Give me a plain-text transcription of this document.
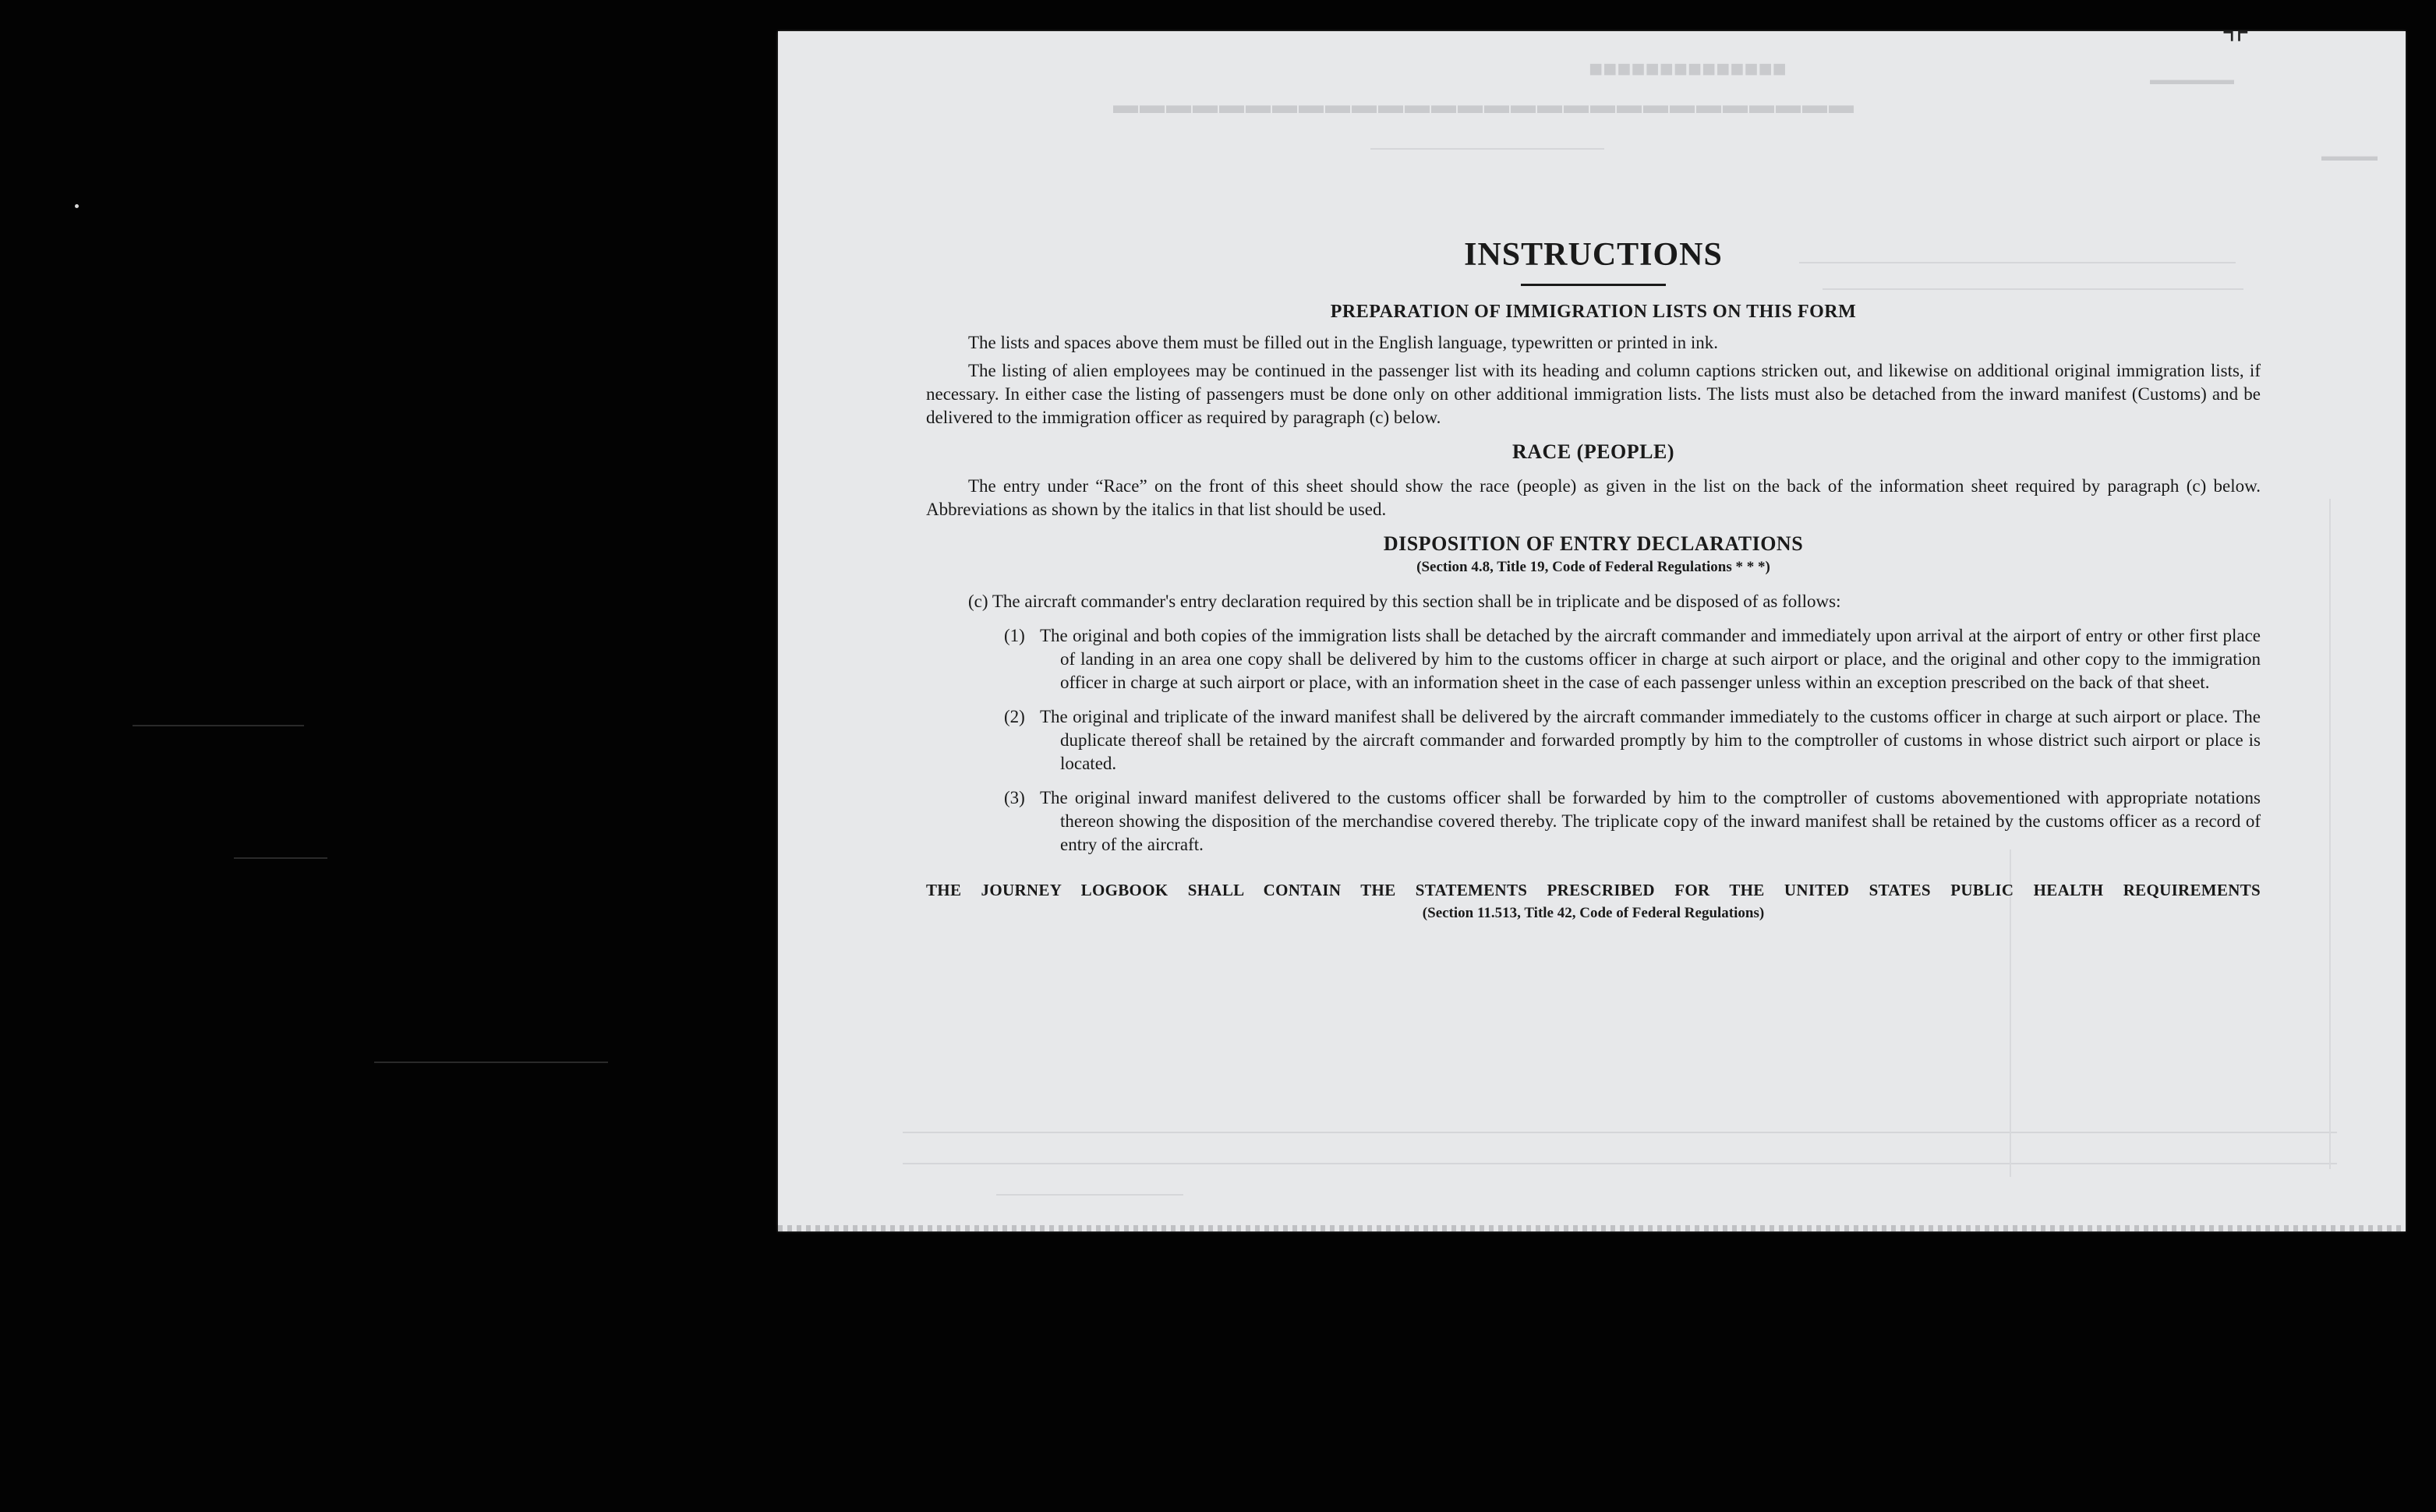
■■■■■■■■■■■■■■
▬▬▬▬▬▬▬▬▬▬▬▬▬▬▬▬▬▬▬▬▬▬▬▬▬▬▬▬
▬▬▬▬▬▬
▬▬▬▬
⌝⌜
INSTRUCTIONS
PREPARATION OF IMMIGRATION LISTS ON THIS FORM

The lists and spaces above them must be filled out in the English language, typewritten or printed in ink.

The listing of alien employees may be continued in the passenger list with its heading and column captions stricken out, and likewise on additional original immigration lists, if necessary. In either case the listing of passengers must be done only on other additional immigration lists. The lists must also be detached from the inward manifest (Customs) and be delivered to the immigration officer as required by paragraph (c) below.

RACE (PEOPLE)

The entry under “Race” on the front of this sheet should show the race (people) as given in the list on the back of the information sheet required by paragraph (c) below. Abbreviations as shown by the italics in that list should be used.

DISPOSITION OF ENTRY DECLARATIONS
(Section 4.8, Title 19, Code of Federal Regulations * * *)

(c) The aircraft commander's entry declaration required by this section shall be in triplicate and be disposed of as follows:

(1) The original and both copies of the immigration lists shall be detached by the aircraft commander and immediately upon arrival at the airport of entry or other first place of landing in an area one copy shall be delivered by him to the customs officer in charge at such airport or place, and the original and other copy to the immigration officer in charge at such airport or place, with an information sheet in the case of each passenger unless within an exception prescribed on the back of that sheet.

(2) The original and triplicate of the inward manifest shall be delivered by the aircraft commander immediately to the customs officer in charge at such airport or place. The duplicate thereof shall be retained by the aircraft commander and forwarded promptly by him to the comptroller of customs in whose district such airport or place is located.

(3) The original inward manifest delivered to the customs officer shall be forwarded by him to the comptroller of customs abovementioned with appropriate notations thereon showing the disposition of the merchandise covered thereby. The triplicate copy of the inward manifest shall be retained by the customs officer as a record of entry of the aircraft.

THE JOURNEY LOGBOOK SHALL CONTAIN THE STATEMENTS PRESCRIBED FOR THE UNITED STATES PUBLIC HEALTH REQUIREMENTS
(Section 11.513, Title 42, Code of Federal Regulations)
